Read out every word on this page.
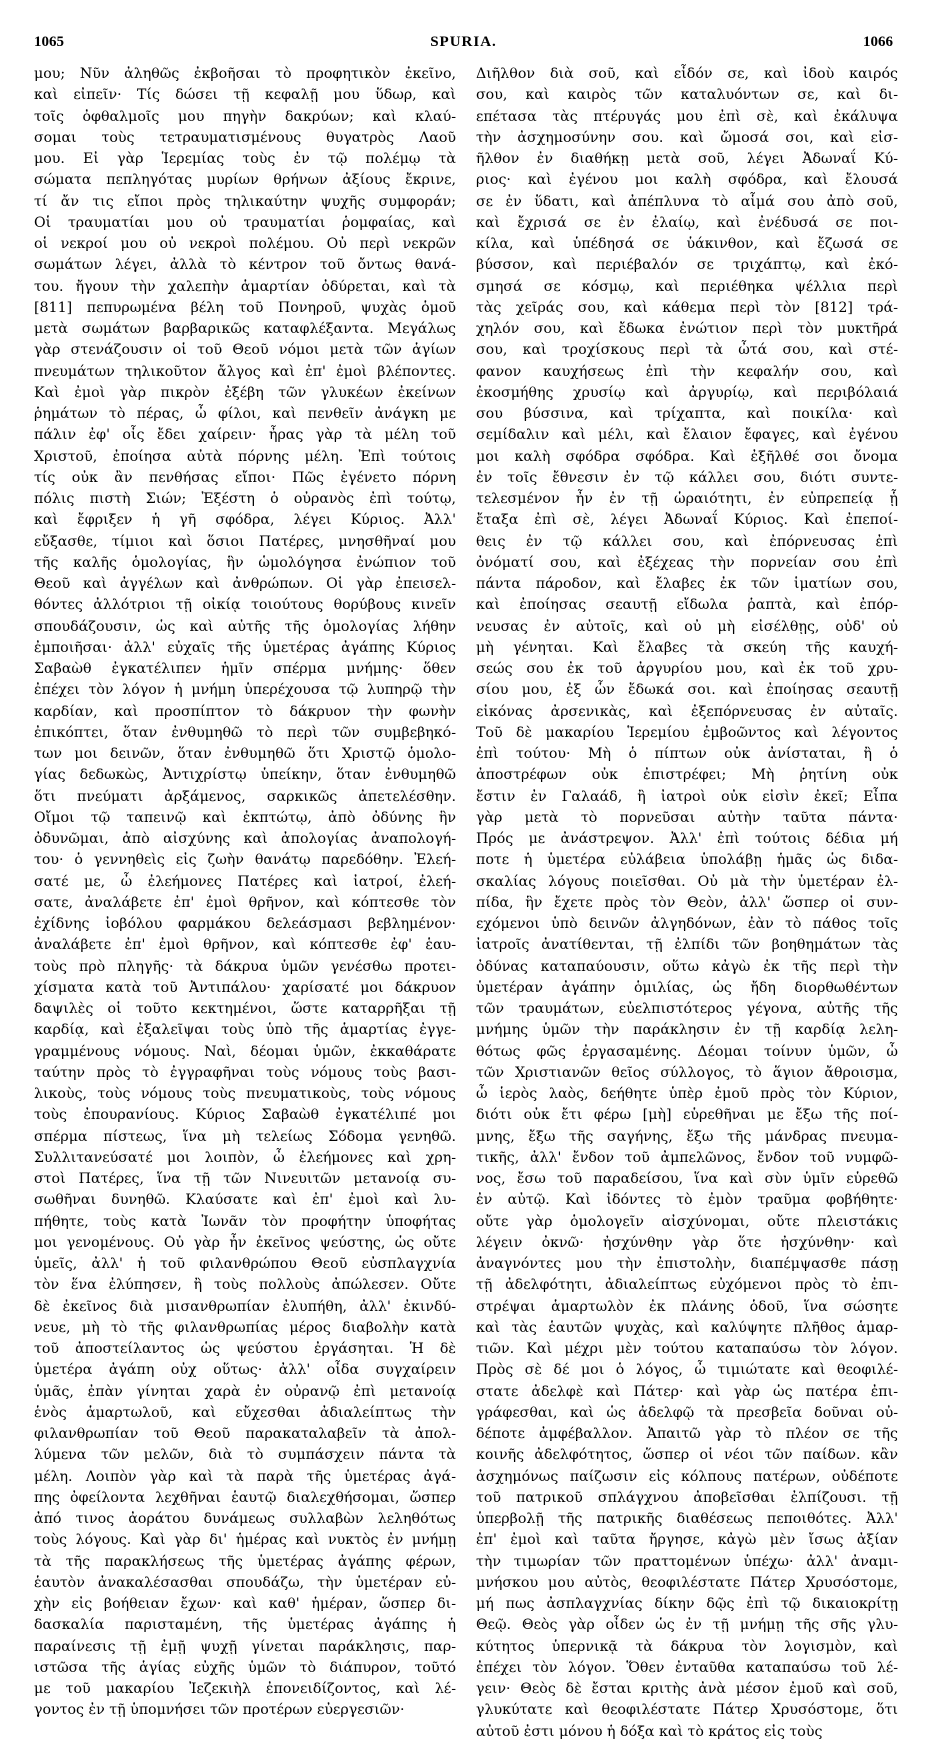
1065	SPURIA.	1066
μου; Νῦν ἀληθῶς ἐκβοῆσαι τὸ προφητικὸν ἐκεῖνο,
καὶ εἰπεῖν· Τίς δώσει τῇ κεφαλῇ μου ὕδωρ, καὶ
τοῖς ὀφθαλμοῖς μου πηγὴν δακρύων; καὶ κλαύ-
σομαι τοὺς τετραυματισμένους θυγατρὸς Λαοῦ
μου. Εἰ γὰρ Ἱερεμίας τοὺς ἐν τῷ πολέμῳ τὰ
σώματα πεπληγότας μυρίων θρήνων ἀξίους ἔκρινε,
τί ἄν τις εἴποι πρὸς τηλικαύτην ψυχῆς συμφοράν;
Οἱ τραυματίαι μου οὐ τραυματίαι ῥομφαίας, καὶ
οἱ νεκροί μου οὐ νεκροὶ πολέμου. Οὐ περὶ νεκρῶν
σωμάτων λέγει, ἀλλὰ τὸ κέντρον τοῦ ὄντως θανά-
του. ἤγουν τὴν χαλεπὴν ἁμαρτίαν ὀδύρεται, καὶ τὰ
[811] πεπυρωμένα βέλη τοῦ Πονηροῦ, ψυχὰς ὁμοῦ
μετὰ σωμάτων βαρβαρικῶς καταφλέξαντα. Μεγάλως
γὰρ στενάζουσιν οἱ τοῦ Θεοῦ νόμοι μετὰ τῶν ἁγίων
πνευμάτων τηλικοῦτον ἄλγος καὶ ἐπ' ἐμοὶ βλέποντες.
Καὶ ἐμοὶ γὰρ πικρὸν ἐξέβη τῶν γλυκέων ἐκείνων
ῥημάτων τὸ πέρας, ὦ φίλοι, καὶ πενθεῖν ἀνάγκη με
πάλιν ἐφ' οἷς ἔδει χαίρειν· ἦρας γὰρ τὰ μέλη τοῦ
Χριστοῦ, ἐποίησα αὐτὰ πόρνης μέλη. Ἐπὶ τούτοις
τίς οὐκ ἂν πενθήσας εἴποι· Πῶς ἐγένετο πόρνη
πόλις πιστὴ Σιών; Ἐξέστη ὁ οὐρανὸς ἐπὶ τούτῳ,
καὶ ἔφριξεν ἡ γῆ σφόδρα, λέγει Κύριος. Ἀλλ'
εὔξασθε, τίμιοι καὶ ὅσιοι Πατέρες, μνησθῆναί μου
τῆς καλῆς ὁμολογίας, ἣν ὡμολόγησα ἐνώπιον τοῦ
Θεοῦ καὶ ἀγγέλων καὶ ἀνθρώπων. Οἱ γὰρ ἐπεισελ-
θόντες ἀλλότριοι τῇ οἰκίᾳ τοιούτους θορύβους κινεῖν
σπουδάζουσιν, ὡς καὶ αὐτῆς τῆς ὁμολογίας λήθην
ἐμποιῆσαι· ἀλλ' εὐχαῖς τῆς ὑμετέρας ἀγάπης Κύριος
Σαβαὼθ ἐγκατέλιπεν ἡμῖν σπέρμα μνήμης· ὅθεν
ἐπέχει τὸν λόγον ἡ μνήμη ὑπερέχουσα τῷ λυπηρῷ τὴν
καρδίαν, καὶ προσπίπτον τὸ δάκρυον τὴν φωνὴν
ἐπικόπτει, ὅταν ἐνθυμηθῶ τὸ περὶ τῶν συμβεβηκό-
των μοι δεινῶν, ὅταν ἐνθυμηθῶ ὅτι Χριστῷ ὁμολο-
γίας δεδωκὼς, Ἀντιχρίστῳ ὑπείκην, ὅταν ἐνθυμηθῶ
ὅτι πνεύματι ἀρξάμενος, σαρκικῶς ἀπετελέσθην.
Οἴμοι τῷ ταπεινῷ καὶ ἐκπτώτῳ, ἀπὸ ὀδύνης ἣν
ὀδυνῶμαι, ἀπὸ αἰσχύνης καὶ ἀπολογίας ἀναπολογή-
του· ὁ γεννηθεὶς εἰς ζωὴν θανάτῳ παρεδόθην. Ἐλεή-
σατέ με, ὦ ἐλεήμονες Πατέρες καὶ ἰατροί, ἐλεή-
σατε, ἀναλάβετε ἐπ' ἐμοὶ θρῆνον, καὶ κόπτεσθε τὸν
ἐχίδνης ἰοβόλου φαρμάκου δελεάσμασι βεβλημένον·
ἀναλάβετε ἐπ' ἐμοὶ θρῆνον, καὶ κόπτεσθε ἐφ' ἑαυ-
τοὺς πρὸ πληγῆς· τὰ δάκρυα ὑμῶν γενέσθω προτει-
χίσματα κατὰ τοῦ Ἀντιπάλου· χαρίσατέ μοι δάκρυον
δαψιλὲς οἱ τοῦτο κεκτημένοι, ὥστε καταρρῆξαι τῇ
καρδίᾳ, καὶ ἐξαλεῖψαι τοὺς ὑπὸ τῆς ἁμαρτίας ἐγγε-
γραμμένους νόμους. Ναὶ, δέομαι ὑμῶν, ἐκκαθάρατε
ταύτην πρὸς τὸ ἐγγραφῆναι τοὺς νόμους τοὺς βασι-
λικοὺς, τοὺς νόμους τοὺς πνευματικοὺς, τοὺς νόμους
τοὺς ἐπουρανίους. Κύριος Σαβαὼθ ἐγκατέλιπέ μοι
σπέρμα πίστεως, ἵνα μὴ τελείως Σόδομα γενηθῶ.
Συλλιτανεύσατέ μοι λοιπὸν, ὦ ἐλεήμονες καὶ χρη-
στοὶ Πατέρες, ἵνα τῇ τῶν Νινευιτῶν μετανοίᾳ συ-
σωθῆναι δυνηθῶ. Κλαύσατε καὶ ἐπ' ἐμοὶ καὶ λυ-
πήθητε, τοὺς κατὰ Ἰωνᾶν τὸν προφήτην ὑποφήτας
μοι γενομένους. Οὐ γὰρ ἦν ἐκεῖνος ψεύστης, ὡς οὔτε
ὑμεῖς, ἀλλ' ἡ τοῦ φιλανθρώπου Θεοῦ εὐσπλαγχνία
τὸν ἕνα ἐλύπησεν, ἢ τοὺς πολλοὺς ἀπώλεσεν. Οὔτε
δὲ ἐκεῖνος διὰ μισανθρωπίαν ἐλυπήθη, ἀλλ' ἐκινδύ-
νευε, μὴ τὸ τῆς φιλανθρωπίας μέρος διαβολὴν κατὰ
τοῦ ἀποστείλαντος ὡς ψεύστου ἐργάσηται. Ἡ δὲ
ὑμετέρα ἀγάπη οὐχ οὕτως· ἀλλ' οἶδα συγχαίρειν
ὑμᾶς, ἐπὰν γίνηται χαρὰ ἐν οὐρανῷ ἐπὶ μετανοίᾳ
ἑνὸς ἁμαρτωλοῦ, καὶ εὔχεσθαι ἀδιαλείπτως τὴν
φιλανθρωπίαν τοῦ Θεοῦ παρακαταλαβεῖν τὰ ἀπολ-
λύμενα τῶν μελῶν, διὰ τὸ συμπάσχειν πάντα τὰ
μέλη. Λοιπὸν γὰρ καὶ τὰ παρὰ τῆς ὑμετέρας ἀγά-
πης ὀφείλοντα λεχθῆναι ἑαυτῷ διαλεχθήσομαι, ὥσπερ
ἀπό τινος ἀοράτου δυνάμεως συλλαβὼν λεληθότως
τοὺς λόγους. Καὶ γὰρ δι' ἡμέρας καὶ νυκτὸς ἐν μνήμῃ
τὰ τῆς παρακλήσεως τῆς ὑμετέρας ἀγάπης φέρων,
ἑαυτὸν ἀνακαλέσασθαι σπουδάζω, τὴν ὑμετέραν εὐ-
χὴν εἰς βοήθειαν ἔχων· καὶ καθ' ἡμέραν, ὥσπερ δι-
δασκαλία παρισταμένη, τῆς ὑμετέρας ἀγάπης ἡ
παραίνεσις τῇ ἐμῇ ψυχῇ γίνεται παράκλησις, παρ-
ιστῶσα τῆς ἁγίας εὐχῆς ὑμῶν τὸ διάπυρον, τοῦτό
με τοῦ μακαρίου Ἰεζεκιὴλ ἐπονειδίζοντος, καὶ λέ-
γοντος ἐν τῇ ὑπομνήσει τῶν προτέρων εὐεργεσιῶν·
Διῆλθον διὰ σοῦ, καὶ εἶδόν σε, καὶ ἰδοὺ καιρός
σου, καὶ καιρὸς τῶν καταλυόντων σε, καὶ δι-
επέτασα τὰς πτέρυγάς μου ἐπὶ σὲ, καὶ ἐκάλυψα
τὴν ἀσχημοσύνην σου. καὶ ὤμοσά σοι, καὶ εἰσ-
ῆλθον ἐν διαθήκῃ μετὰ σοῦ, λέγει Ἀδωναΐ Κύ-
ριος· καὶ ἐγένου μοι καλὴ σφόδρα, καὶ ἔλουσά
σε ἐν ὕδατι, καὶ ἀπέπλυνα τὸ αἷμά σου ἀπὸ σοῦ,
καὶ ἔχρισά σε ἐν ἐλαίῳ, καὶ ἐνέδυσά σε ποι-
κίλα, καὶ ὑπέδησά σε ὑάκινθον, καὶ ἔζωσά σε
βύσσον, καὶ περιέβαλόν σε τριχάπτῳ, καὶ ἐκό-
σμησά σε κόσμῳ, καὶ περιέθηκα ψέλλια περὶ
τὰς χεῖράς σου, καὶ κάθεμα περὶ τὸν [812] τρά-
χηλόν σου, καὶ ἔδωκα ἐνώτιον περὶ τὸν μυκτῆρά
σου, καὶ τροχίσκους περὶ τὰ ὦτά σου, καὶ στέ-
φανον καυχήσεως ἐπὶ τὴν κεφαλήν σου, καὶ
ἐκοσμήθης χρυσίῳ καὶ ἀργυρίῳ, καὶ περιβόλαιά
σου βύσσινα, καὶ τρίχαπτα, καὶ ποικίλα· καὶ
σεμίδαλιν καὶ μέλι, καὶ ἔλαιον ἔφαγες, καὶ ἐγένου
μοι καλὴ σφόδρα σφόδρα. Καὶ ἐξῆλθέ σοι ὄνομα
ἐν τοῖς ἔθνεσιν ἐν τῷ κάλλει σου, διότι συντε-
τελεσμένον ἦν ἐν τῇ ὡραιότητι, ἐν εὐπρεπείᾳ ᾗ
ἔταξα ἐπὶ σὲ, λέγει Ἀδωναΐ Κύριος. Καὶ ἐπεποί-
θεις ἐν τῷ κάλλει σου, καὶ ἐπόρνευσας ἐπὶ
ὀνόματί σου, καὶ ἐξέχεας τὴν πορνείαν σου ἐπὶ
πάντα πάροδον, καὶ ἔλαβες ἐκ τῶν ἱματίων σου,
καὶ ἐποίησας σεαυτῇ εἴδωλα ῥαπτὰ, καὶ ἐπόρ-
νευσας ἐν αὐτοῖς, καὶ οὐ μὴ εἰσέλθῃς, οὐδ' οὐ
μὴ γένηται. Καὶ ἔλαβες τὰ σκεύη τῆς καυχή-
σεώς σου ἐκ τοῦ ἀργυρίου μου, καὶ ἐκ τοῦ χρυ-
σίου μου, ἐξ ὧν ἔδωκά σοι. καὶ ἐποίησας σεαυτῇ
εἰκόνας ἀρσενικὰς, καὶ ἐξεπόρνευσας ἐν αὐταῖς.
Τοῦ δὲ μακαρίου Ἱερεμίου ἐμβοῶντος καὶ λέγοντος
ἐπὶ τούτου· Μὴ ὁ πίπτων οὐκ ἀνίσταται, ἢ ὁ
ἀποστρέφων οὐκ ἐπιστρέφει; Μὴ ῥητίνη οὐκ
ἔστιν ἐν Γαλαάδ, ἢ ἰατροὶ οὐκ εἰσὶν ἐκεῖ; Εἶπα
γὰρ μετὰ τὸ πορνεῦσαι αὐτὴν ταῦτα πάντα·
Πρός με ἀνάστρεψον. Ἀλλ' ἐπὶ τούτοις δέδια μή
ποτε ἡ ὑμετέρα εὐλάβεια ὑπολάβῃ ἡμᾶς ὡς διδα-
σκαλίας λόγους ποιεῖσθαι. Οὐ μὰ τὴν ὑμετέραν ἐλ-
πίδα, ἣν ἔχετε πρὸς τὸν Θεὸν, ἀλλ' ὥσπερ οἱ συν-
εχόμενοι ὑπὸ δεινῶν ἀλγηδόνων, ἐὰν τὸ πάθος τοῖς
ἰατροῖς ἀνατίθενται, τῇ ἐλπίδι τῶν βοηθημάτων τὰς
ὀδύνας καταπαύουσιν, οὕτω κἀγὼ ἐκ τῆς περὶ τὴν
ὑμετέραν ἀγάπην ὁμιλίας, ὡς ἤδη διορθωθέντων
τῶν τραυμάτων, εὐελπιστότερος γέγονα, αὐτῆς τῆς
μνήμης ὑμῶν τὴν παράκλησιν ἐν τῇ καρδίᾳ λελη-
θότως φῶς ἐργασαμένης. Δέομαι τοίνυν ὑμῶν, ὦ
τῶν Χριστιανῶν θεῖος σύλλογος, τὸ ἅγιον ἄθροισμα,
ὦ ἱερὸς λαὸς, δεήθητε ὑπὲρ ἐμοῦ πρὸς τὸν Κύριον,
διότι οὐκ ἔτι φέρω [μὴ] εὑρεθῆναι με ἔξω τῆς ποί-
μνης, ἔξω τῆς σαγήνης, ἔξω τῆς μάνδρας πνευμα-
τικῆς, ἀλλ' ἔνδον τοῦ ἀμπελῶνος, ἔνδον τοῦ νυμφῶ-
νος, ἔσω τοῦ παραδείσου, ἵνα καὶ σὺν ὑμῖν εὑρεθῶ
ἐν αὐτῷ. Καὶ ἰδόντες τὸ ἐμὸν τραῦμα φοβήθητε·
οὔτε γὰρ ὁμολογεῖν αἰσχύνομαι, οὔτε πλειστάκις
λέγειν ὀκνῶ· ἠσχύνθην γὰρ ὅτε ἠσχύνθην· καὶ
ἀναγνόντες μου τὴν ἐπιστολὴν, διαπέμψασθε πάσῃ
τῇ ἀδελφότητι, ἀδιαλείπτως εὐχόμενοι πρὸς τὸ ἐπι-
στρέψαι ἁμαρτωλὸν ἐκ πλάνης ὁδοῦ, ἵνα σώσητε
καὶ τὰς ἑαυτῶν ψυχὰς, καὶ καλύψητε πλῆθος ἁμαρ-
τιῶν. Καὶ μέχρι μὲν τούτου καταπαύσω τὸν λόγον.
Πρὸς σὲ δέ μοι ὁ λόγος, ὦ τιμιώτατε καὶ θεοφιλέ-
στατε ἀδελφὲ καὶ Πάτερ· καὶ γὰρ ὡς πατέρα ἐπι-
γράφεσθαι, καὶ ὡς ἀδελφῷ τὰ πρεσβεῖα δοῦναι οὐ-
δέποτε ἀμφέβαλλον. Ἀπαιτῶ γὰρ τὸ πλέον σε τῆς
κοινῆς ἀδελφότητος, ὥσπερ οἱ νέοι τῶν παίδων. κἂν
ἀσχημόνως παίζωσιν εἰς κόλπους πατέρων, οὐδέποτε
τοῦ πατρικοῦ σπλάγχνου ἀποβεῖσθαι ἐλπίζουσι. τῇ
ὑπερβολῇ τῆς πατρικῆς διαθέσεως πεποιθότες. Ἀλλ'
ἐπ' ἐμοὶ καὶ ταῦτα ἤργησε, κἀγὼ μὲν ἴσως ἀξίαν
τὴν τιμωρίαν τῶν πραττομένων ὑπέχω· ἀλλ' ἀναμι-
μνήσκου μου αὐτὸς, θεοφιλέστατε Πάτερ Χρυσόστομε,
μή πως ἀσπλαγχνίας δίκην δῷς ἐπὶ τῷ δικαιοκρίτῃ
Θεῷ. Θεὸς γὰρ οἶδεν ὡς ἐν τῇ μνήμῃ τῆς σῆς γλυ-
κύτητος ὑπερνικᾷ τὰ δάκρυα τὸν λογισμὸν, καὶ
ἐπέχει τὸν λόγον. Ὅθεν ἐνταῦθα καταπαύσω τοῦ λέ-
γειν· Θεὸς δὲ ἔσται κριτὴς ἀνὰ μέσον ἐμοῦ καὶ σοῦ,
γλυκύτατε καὶ θεοφιλέστατε Πάτερ Χρυσόστομε, ὅτι
αὐτοῦ ἐστι μόνου ἡ δόξα καὶ τὸ κράτος εἰς τοὺς
